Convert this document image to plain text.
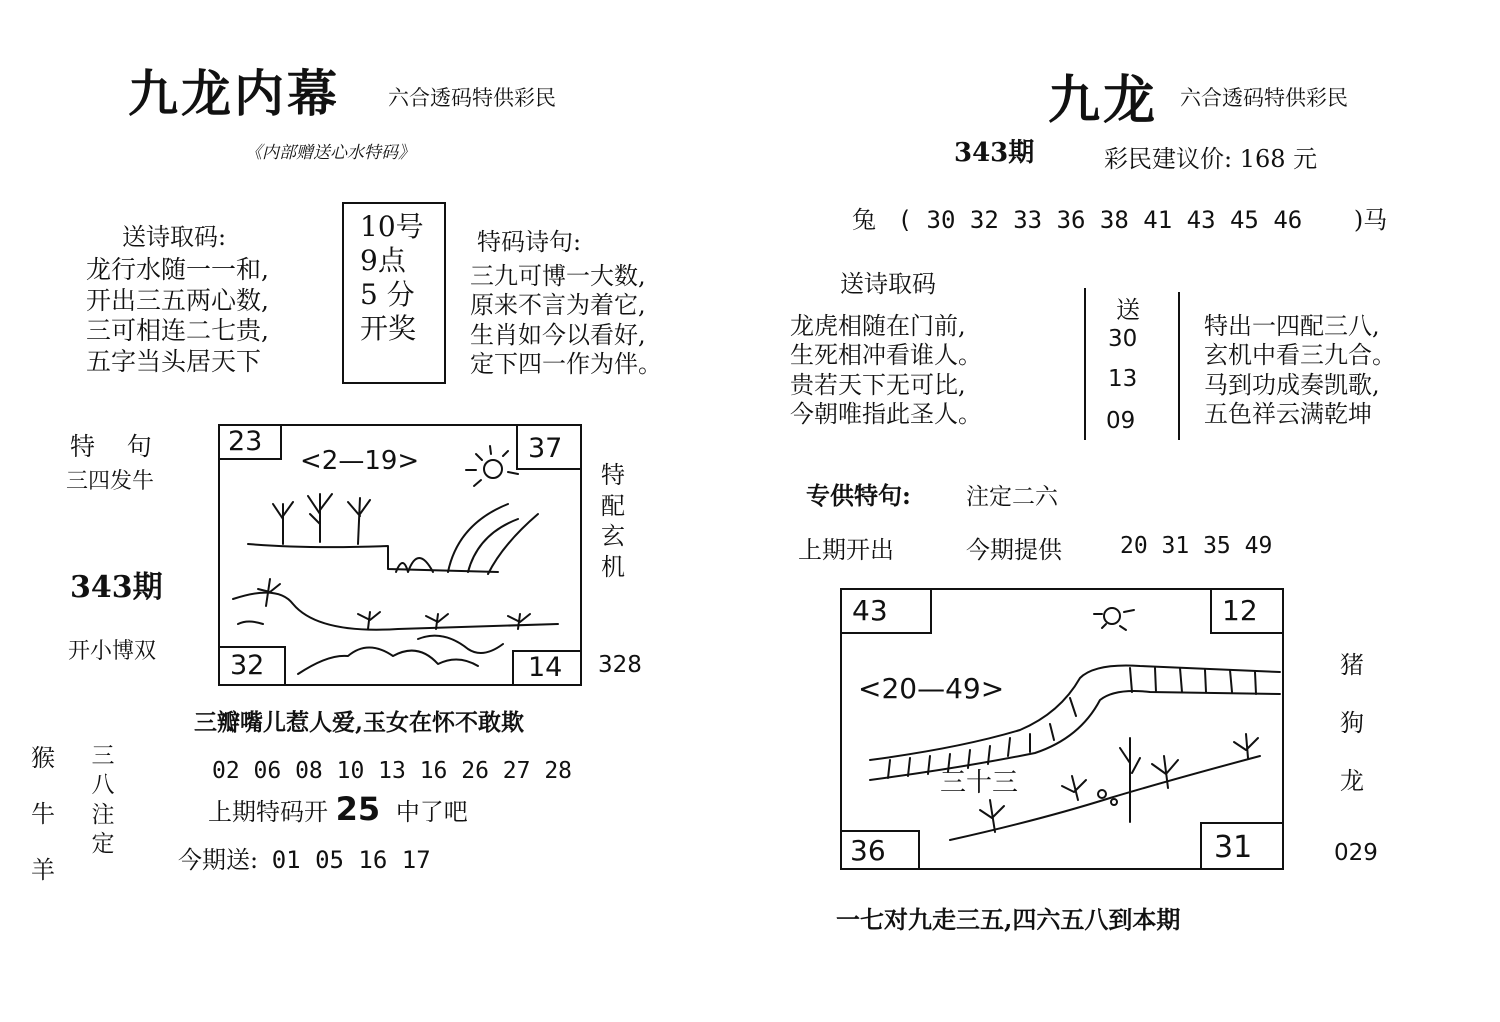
九龙内幕 六合透码特供彩民
《内部赠送心水特码》
送诗取码:
龙行水随一一和,
开出三五两心数,
三可相连二七贵,
五字当头居天下
10号
9点
5 分
开奖
特码诗句:
三九可博一大数,
原来不言为着它,
生肖如今以看好,
定下四一作为伴。
特    句
三四发牛
343期
开小博双
23	37
32	14
<2—19>	特配玄机
328
三瓣嘴儿惹人爱,玉女在怀不敢欺
猴
牛
羊
三八注定
02 06 08 10 13 16 26 27 28
上期特码开 25 中了吧
今期送: 01 05 16 17
九龙 六合透码特供彩民
343期	彩民建议价: 168 元
兔 ( 30 32 33 36 38 41 43 45 46 )马
送诗取码
龙虎相随在门前,
生死相冲看谁人。
贵若天下无可比,
今朝唯指此圣人。
送
30
13
09
特出一四配三八,
玄机中看三九合。
马到功成奏凯歌,
五色祥云满乾坤
专供特句: 注定二六
上期开出	今期提供	20 31 35 49
43	12
36	31
<20—49>
三十三
猪
狗
龙
029
一七对九走三五,四六五八到本期
